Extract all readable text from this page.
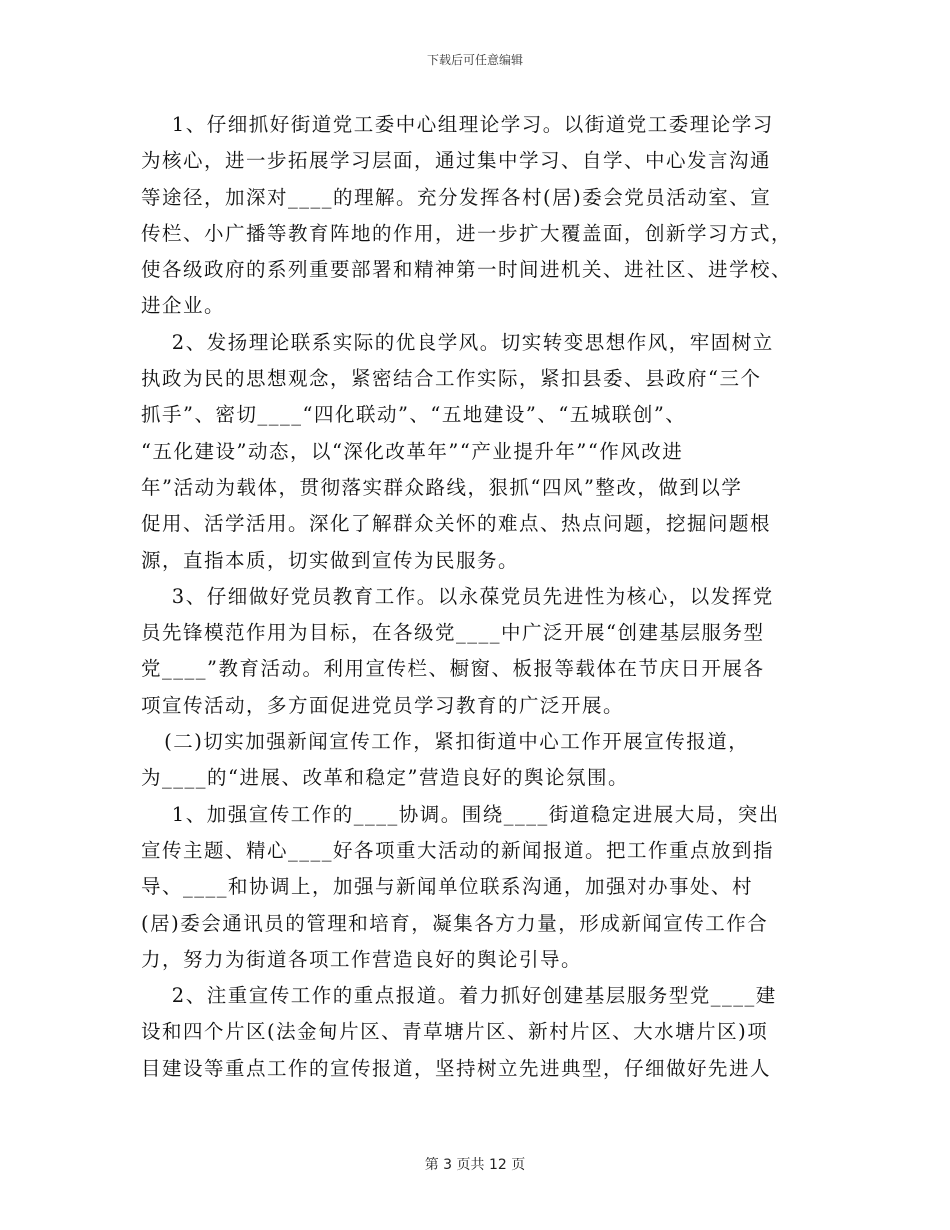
下载后可任意编辑
1、仔细抓好街道党工委中心组理论学习。以街道党工委理论学习
为核心，进一步拓展学习层面，通过集中学习、自学、中心发言沟通
等途径，加深对____的理解。充分发挥各村(居)委会党员活动室、宣
传栏、小广播等教育阵地的作用，进一步扩大覆盖面，创新学习方式，
使各级政府的系列重要部署和精神第一时间进机关、进社区、进学校、
进企业。
2、发扬理论联系实际的优良学风。切实转变思想作风，牢固树立
执政为民的思想观念，紧密结合工作实际，紧扣县委、县政府“三个
抓手”、密切____“四化联动”、“五地建设”、“五城联创”、
“五化建设”动态，以“深化改革年”“产业提升年”“作风改进
年”活动为载体，贯彻落实群众路线，狠抓“四风”整改，做到以学
促用、活学活用。深化了解群众关怀的难点、热点问题，挖掘问题根
源，直指本质，切实做到宣传为民服务。
3、仔细做好党员教育工作。以永葆党员先进性为核心，以发挥党
员先锋模范作用为目标，在各级党____中广泛开展“创建基层服务型
党____”教育活动。利用宣传栏、橱窗、板报等载体在节庆日开展各
项宣传活动，多方面促进党员学习教育的广泛开展。
(二)切实加强新闻宣传工作，紧扣街道中心工作开展宣传报道，
为____的“进展、改革和稳定”营造良好的舆论氛围。
1、加强宣传工作的____协调。围绕____街道稳定进展大局，突出
宣传主题、精心____好各项重大活动的新闻报道。把工作重点放到指
导、____和协调上，加强与新闻单位联系沟通，加强对办事处、村
(居)委会通讯员的管理和培育，凝集各方力量，形成新闻宣传工作合
力，努力为街道各项工作营造良好的舆论引导。
2、注重宣传工作的重点报道。着力抓好创建基层服务型党____建
设和四个片区(法金甸片区、青草塘片区、新村片区、大水塘片区)项
目建设等重点工作的宣传报道，坚持树立先进典型，仔细做好先进人
第 3 页共 12 页
